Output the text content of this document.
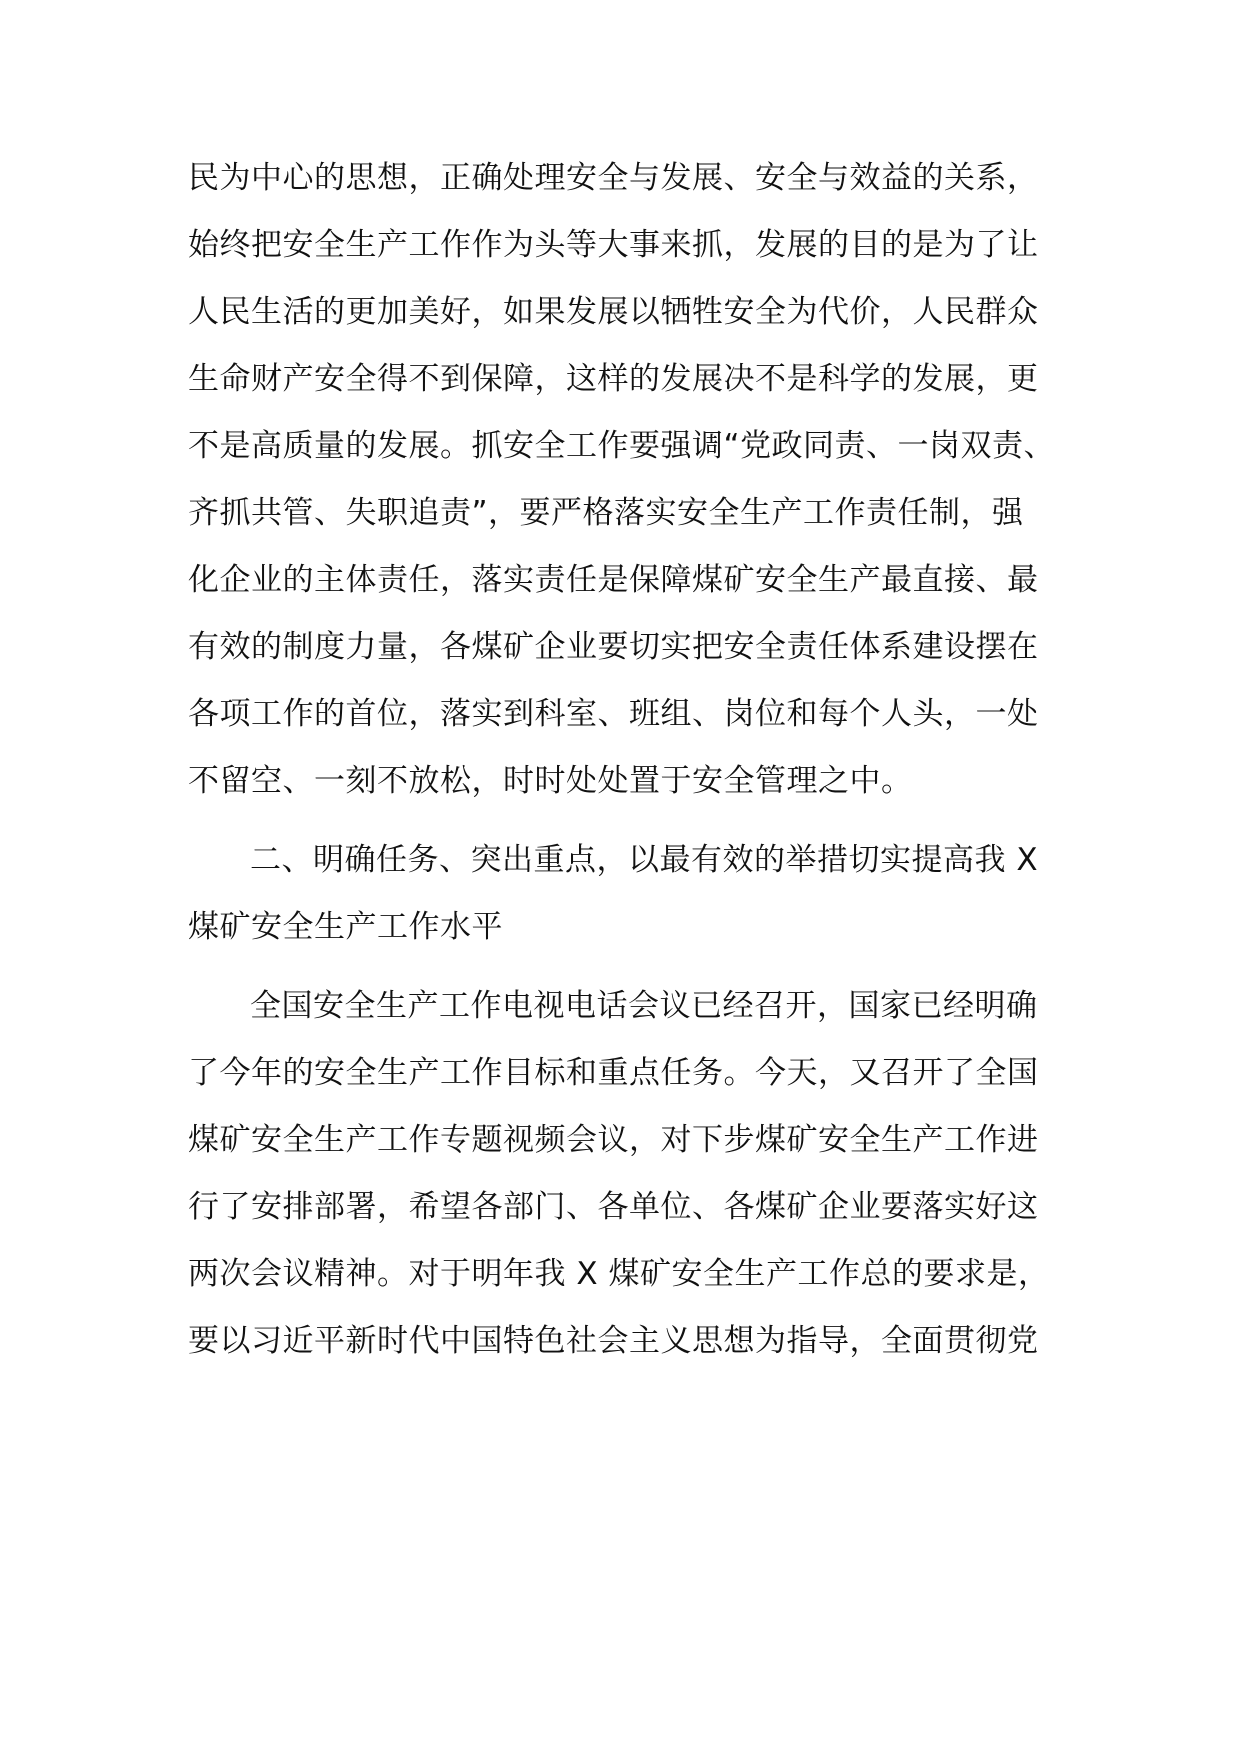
民为中心的思想，正确处理安全与发展、安全与效益的关系，
始终把安全生产工作作为头等大事来抓，发展的目的是为了让
人民生活的更加美好，如果发展以牺牲安全为代价，人民群众
生命财产安全得不到保障，这样的发展决不是科学的发展，更
不是高质量的发展。抓安全工作要强调“党政同责、一岗双责、
齐抓共管、失职追责”，要严格落实安全生产工作责任制，强
化企业的主体责任，落实责任是保障煤矿安全生产最直接、最
有效的制度力量，各煤矿企业要切实把安全责任体系建设摆在
各项工作的首位，落实到科室、班组、岗位和每个人头，一处
不留空、一刻不放松，时时处处置于安全管理之中。
二、明确任务、突出重点，以最有效的举措切实提高我 X
煤矿安全生产工作水平
全国安全生产工作电视电话会议已经召开，国家已经明确
了今年的安全生产工作目标和重点任务。今天，又召开了全国
煤矿安全生产工作专题视频会议，对下步煤矿安全生产工作进
行了安排部署，希望各部门、各单位、各煤矿企业要落实好这
两次会议精神。对于明年我 X 煤矿安全生产工作总的要求是，
要以习近平新时代中国特色社会主义思想为指导，全面贯彻党
